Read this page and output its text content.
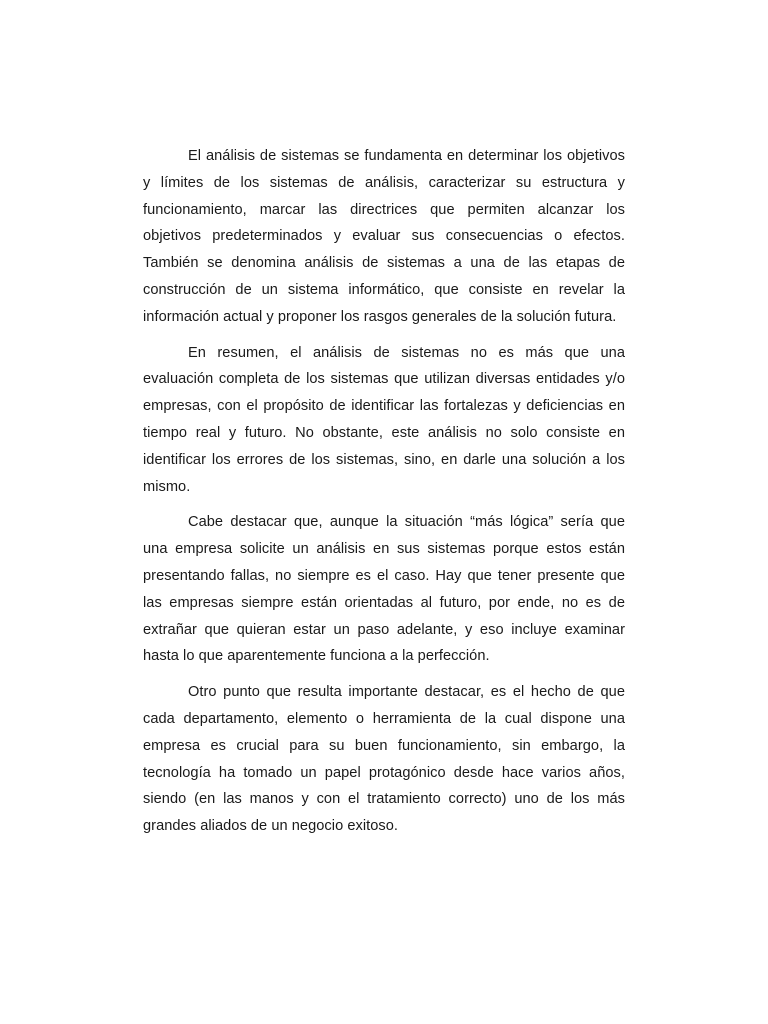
El análisis de sistemas se fundamenta en determinar los objetivos y límites de los sistemas de análisis, caracterizar su estructura y funcionamiento, marcar las directrices que permiten alcanzar los objetivos predeterminados y evaluar sus consecuencias o efectos. También se denomina análisis de sistemas a una de las etapas de construcción de un sistema informático, que consiste en revelar la información actual y proponer los rasgos generales de la solución futura.

En resumen, el análisis de sistemas no es más que una evaluación completa de los sistemas que utilizan diversas entidades y/o empresas, con el propósito de identificar las fortalezas y deficiencias en tiempo real y futuro. No obstante, este análisis no solo consiste en identificar los errores de los sistemas, sino, en darle una solución a los mismo.

Cabe destacar que, aunque la situación “más lógica” sería que una empresa solicite un análisis en sus sistemas porque estos están presentando fallas, no siempre es el caso. Hay que tener presente que las empresas siempre están orientadas al futuro, por ende, no es de extrañar que quieran estar un paso adelante, y eso incluye examinar hasta lo que aparentemente funciona a la perfección.

Otro punto que resulta importante destacar, es el hecho de que cada departamento, elemento o herramienta de la cual dispone una empresa es crucial para su buen funcionamiento, sin embargo, la tecnología ha tomado un papel protagónico desde hace varios años, siendo (en las manos y con el tratamiento correcto) uno de los más grandes aliados de un negocio exitoso.
